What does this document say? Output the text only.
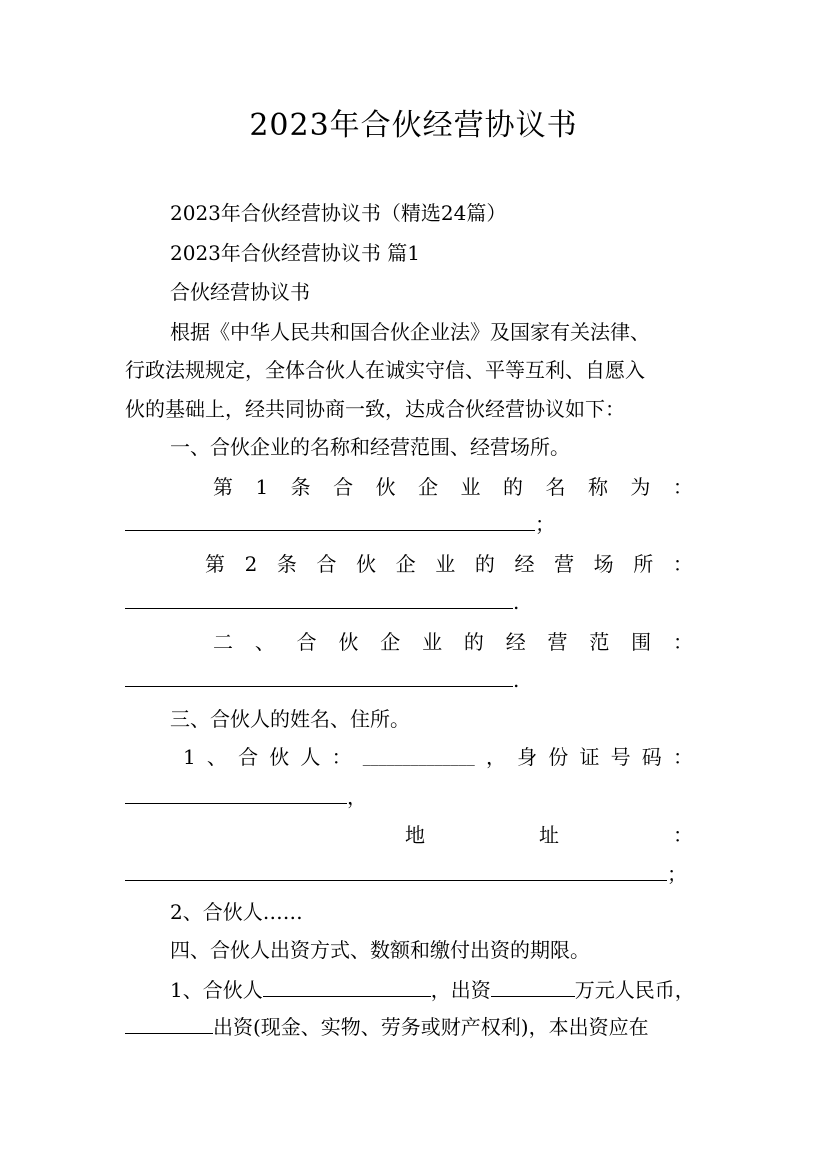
2023年合伙经营协议书
2023年合伙经营协议书（精选24篇）
2023年合伙经营协议书 篇1
合伙经营协议书
根据《中华人民共和国合伙企业法》及国家有关法律、
行政法规规定，全体合伙人在诚实守信、平等互利、自愿入
伙的基础上，经共同协商一致，达成合伙经营协议如下：
一、合伙企业的名称和经营范围、经营场所。
第 1 条 合 伙 企 业 的 名 称 为 ：
；
第 2 条 合 伙 企 业 的 经 营 场 所 ：
.
二 、 合 伙 企 业 的 经 营 范 围 ：
.
三、合伙人的姓名、住所。
1 、 合 伙 人 ： ______________ ， 身 份 证 号 码 ：
，
地	址	：
；
2、合伙人……
四、合伙人出资方式、数额和缴付出资的期限。
1、合伙人	，出资	万元人民币，
出资(现金、实物、劳务或财产权利)，本出资应在
